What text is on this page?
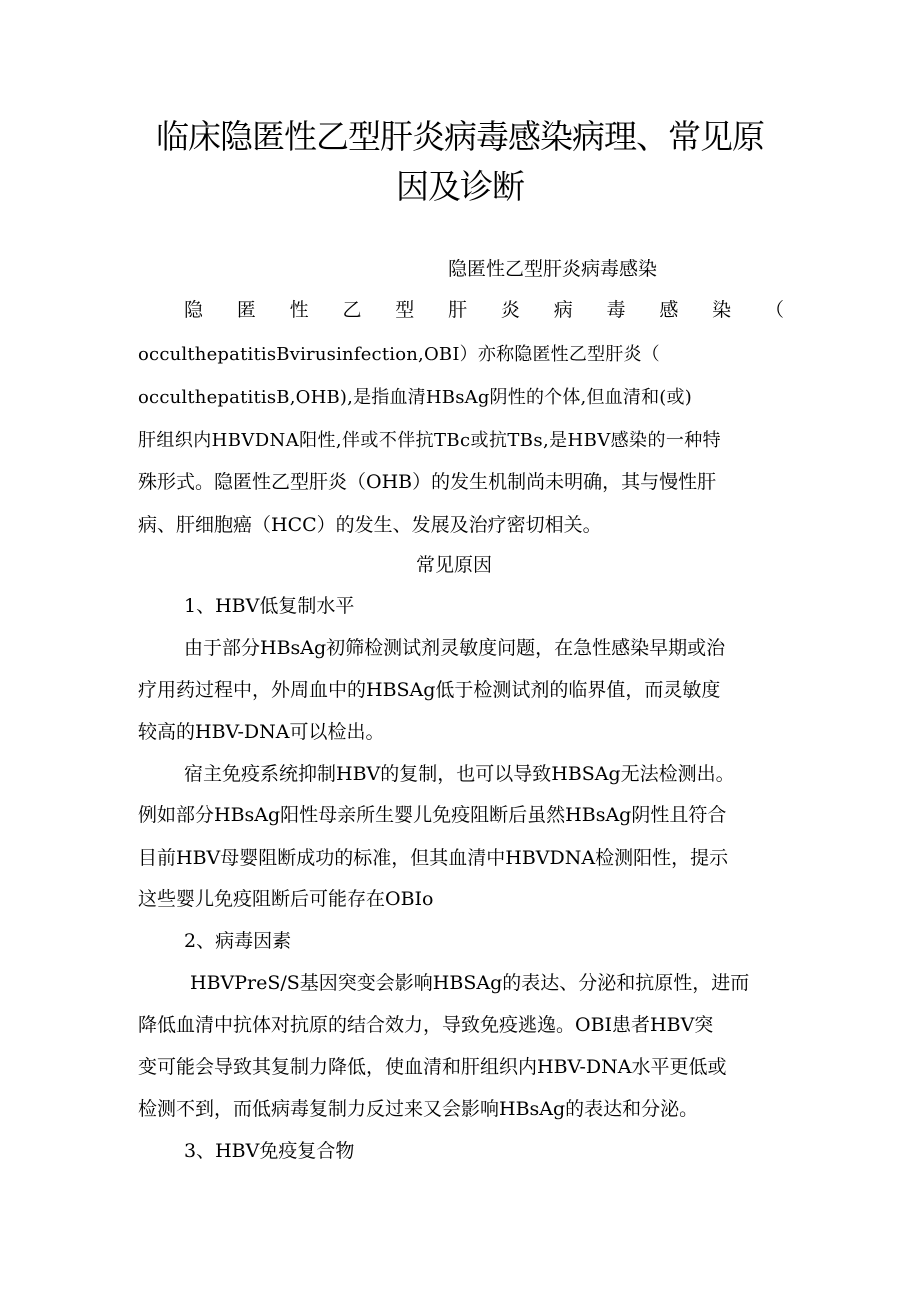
临床隐匿性乙型肝炎病毒感染病理、常见原
因及诊断
隐匿性乙型肝炎病毒感染
隐 匿 性 乙 型 肝 炎 病 毒 感 染 （
occulthepatitisBvirusinfection,OBI）亦称隐匿性乙型肝炎（
occulthepatitisB,OHB),是指血清HBsAg阴性的个体,但血清和(或)
肝组织内HBVDNA阳性,伴或不伴抗TBc或抗TBs,是HBV感染的一种特
殊形式。隐匿性乙型肝炎（OHB）的发生机制尚未明确，其与慢性肝
病、肝细胞癌（HCC）的发生、发展及治疗密切相关。
常见原因
1、HBV低复制水平
由于部分HBsAg初筛检测试剂灵敏度问题，在急性感染早期或治
疗用药过程中，外周血中的HBSAg低于检测试剂的临界值，而灵敏度
较高的HBV-DNA可以检出。
宿主免疫系统抑制HBV的复制，也可以导致HBSAg无法检测出。
例如部分HBsAg阳性母亲所生婴儿免疫阻断后虽然HBsAg阴性且符合
目前HBV母婴阻断成功的标准，但其血清中HBVDNA检测阳性，提示
这些婴儿免疫阻断后可能存在OBIo
2、病毒因素
HBVPreS/S基因突变会影响HBSAg的表达、分泌和抗原性，进而
降低血清中抗体对抗原的结合效力，导致免疫逃逸。OBI患者HBV突
变可能会导致其复制力降低，使血清和肝组织内HBV-DNA水平更低或
检测不到，而低病毒复制力反过来又会影响HBsAg的表达和分泌。
3、HBV免疫复合物
